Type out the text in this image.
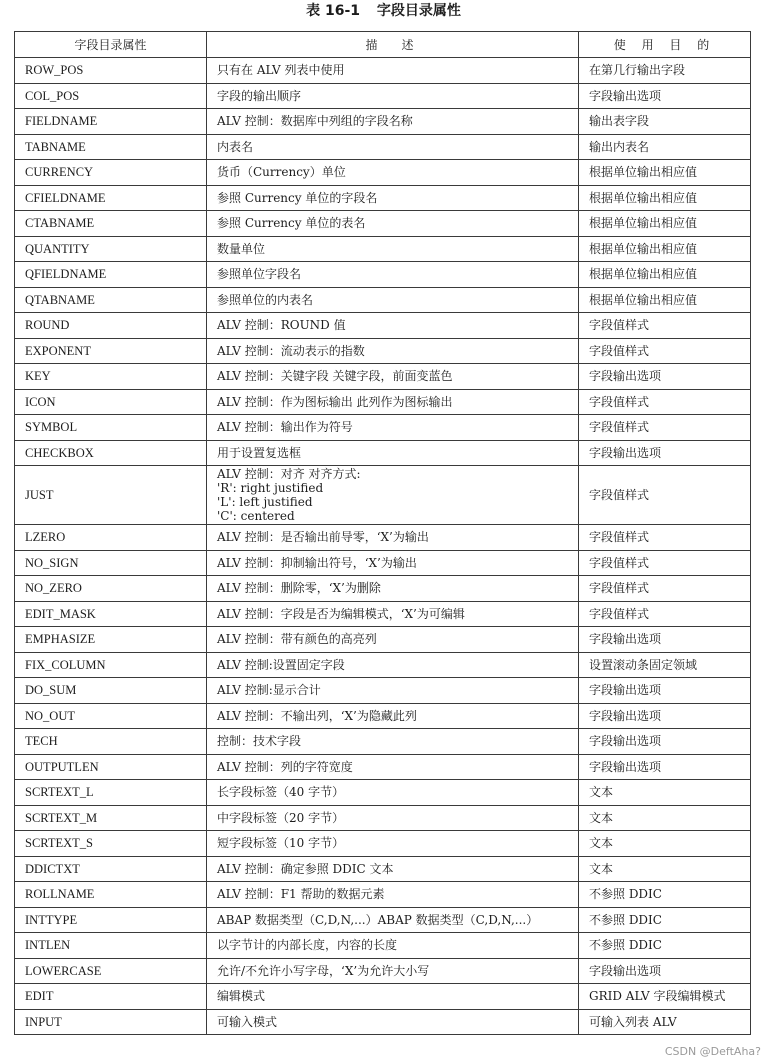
表 16-1 字段目录属性
字段目录属性	描　述	使 用 目 的
ROW_POS	只有在 ALV 列表中使用	在第几行输出字段
COL_POS	字段的输出顺序	字段输出选项
FIELDNAME	ALV 控制：数据库中列组的字段名称	输出表字段
TABNAME	内表名	输出内表名
CURRENCY	货币（Currency）单位	根据单位输出相应值
CFIELDNAME	参照 Currency 单位的字段名	根据单位输出相应值
CTABNAME	参照 Currency 单位的表名	根据单位输出相应值
QUANTITY	数量单位	根据单位输出相应值
QFIELDNAME	参照单位字段名	根据单位输出相应值
QTABNAME	参照单位的内表名	根据单位输出相应值
ROUND	ALV 控制：ROUND 值	字段值样式
EXPONENT	ALV 控制：流动表示的指数	字段值样式
KEY	ALV 控制：关键字段 关键字段，前面变蓝色	字段输出选项
ICON	ALV 控制：作为图标输出 此列作为图标输出	字段值样式
SYMBOL	ALV 控制：输出作为符号	字段值样式
CHECKBOX	用于设置复选框	字段输出选项
JUST	ALV 控制：对齐 对齐方式:
'R': right justified
'L': left justified
'C': centered	字段值样式
LZERO	ALV 控制：是否输出前导零，‘X’为输出	字段值样式
NO_SIGN	ALV 控制：抑制输出符号，‘X’为输出	字段值样式
NO_ZERO	ALV 控制：删除零，‘X’为删除	字段值样式
EDIT_MASK	ALV 控制：字段是否为编辑模式，‘X’为可编辑	字段值样式
EMPHASIZE	ALV 控制：带有颜色的高亮列	字段输出选项
FIX_COLUMN	ALV 控制:设置固定字段	设置滚动条固定领域
DO_SUM	ALV 控制:显示合计	字段输出选项
NO_OUT	ALV 控制：不输出列，‘X’为隐藏此列	字段输出选项
TECH	控制：技术字段	字段输出选项
OUTPUTLEN	ALV 控制：列的字符宽度	字段输出选项
SCRTEXT_L	长字段标签（40 字节）	文本
SCRTEXT_M	中字段标签（20 字节）	文本
SCRTEXT_S	短字段标签（10 字节）	文本
DDICTXT	ALV 控制：确定参照 DDIC 文本	文本
ROLLNAME	ALV 控制：F1 帮助的数据元素	不参照 DDIC
INTTYPE	ABAP 数据类型（C,D,N,...）ABAP 数据类型（C,D,N,...）	不参照 DDIC
INTLEN	以字节计的内部长度，内容的长度	不参照 DDIC
LOWERCASE	允许/不允许小写字母，‘X’为允许大小写	字段输出选项
EDIT	编辑模式	GRID ALV 字段编辑模式
INPUT	可输入模式	可输入列表 ALV
CSDN @DeftAha?
